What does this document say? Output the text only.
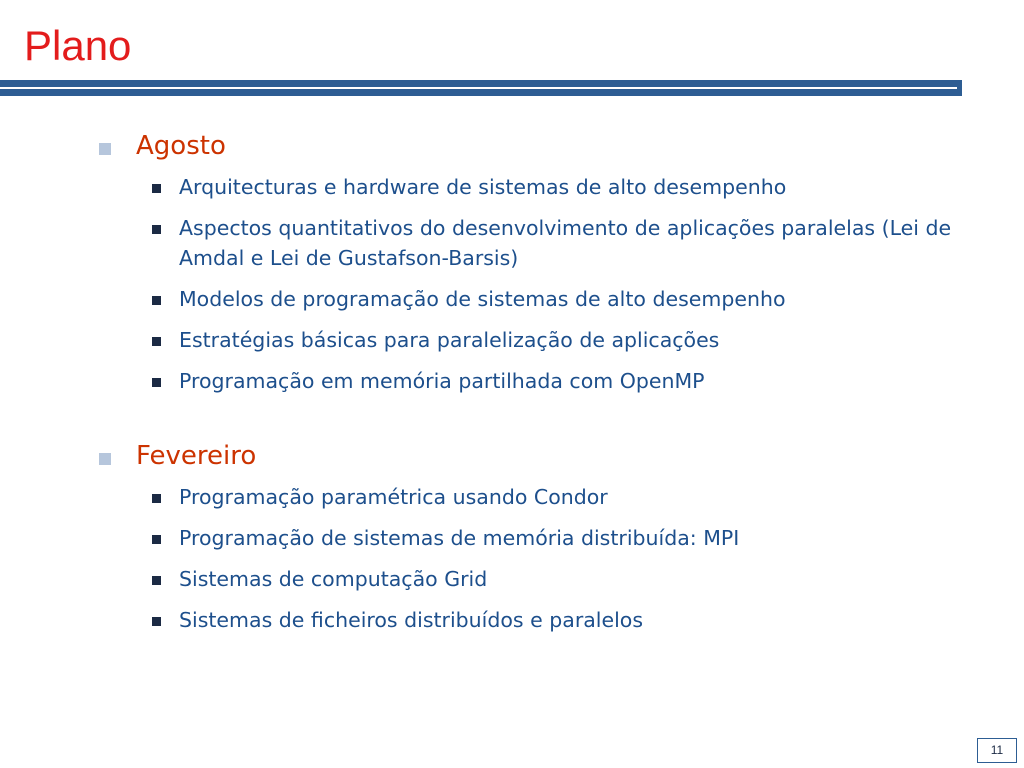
Plano
Agosto
Arquitecturas e hardware de sistemas de alto desempenho
Aspectos quantitativos do desenvolvimento de aplicações paralelas (Lei de Amdal e Lei de Gustafson-Barsis)
Modelos de programação de sistemas de alto desempenho
Estratégias básicas para paralelização de aplicações
Programação em memória partilhada com OpenMP
Fevereiro
Programação paramétrica usando Condor
Programação de sistemas de memória distribuída: MPI
Sistemas de computação Grid
Sistemas de ficheiros distribuídos e paralelos
11
